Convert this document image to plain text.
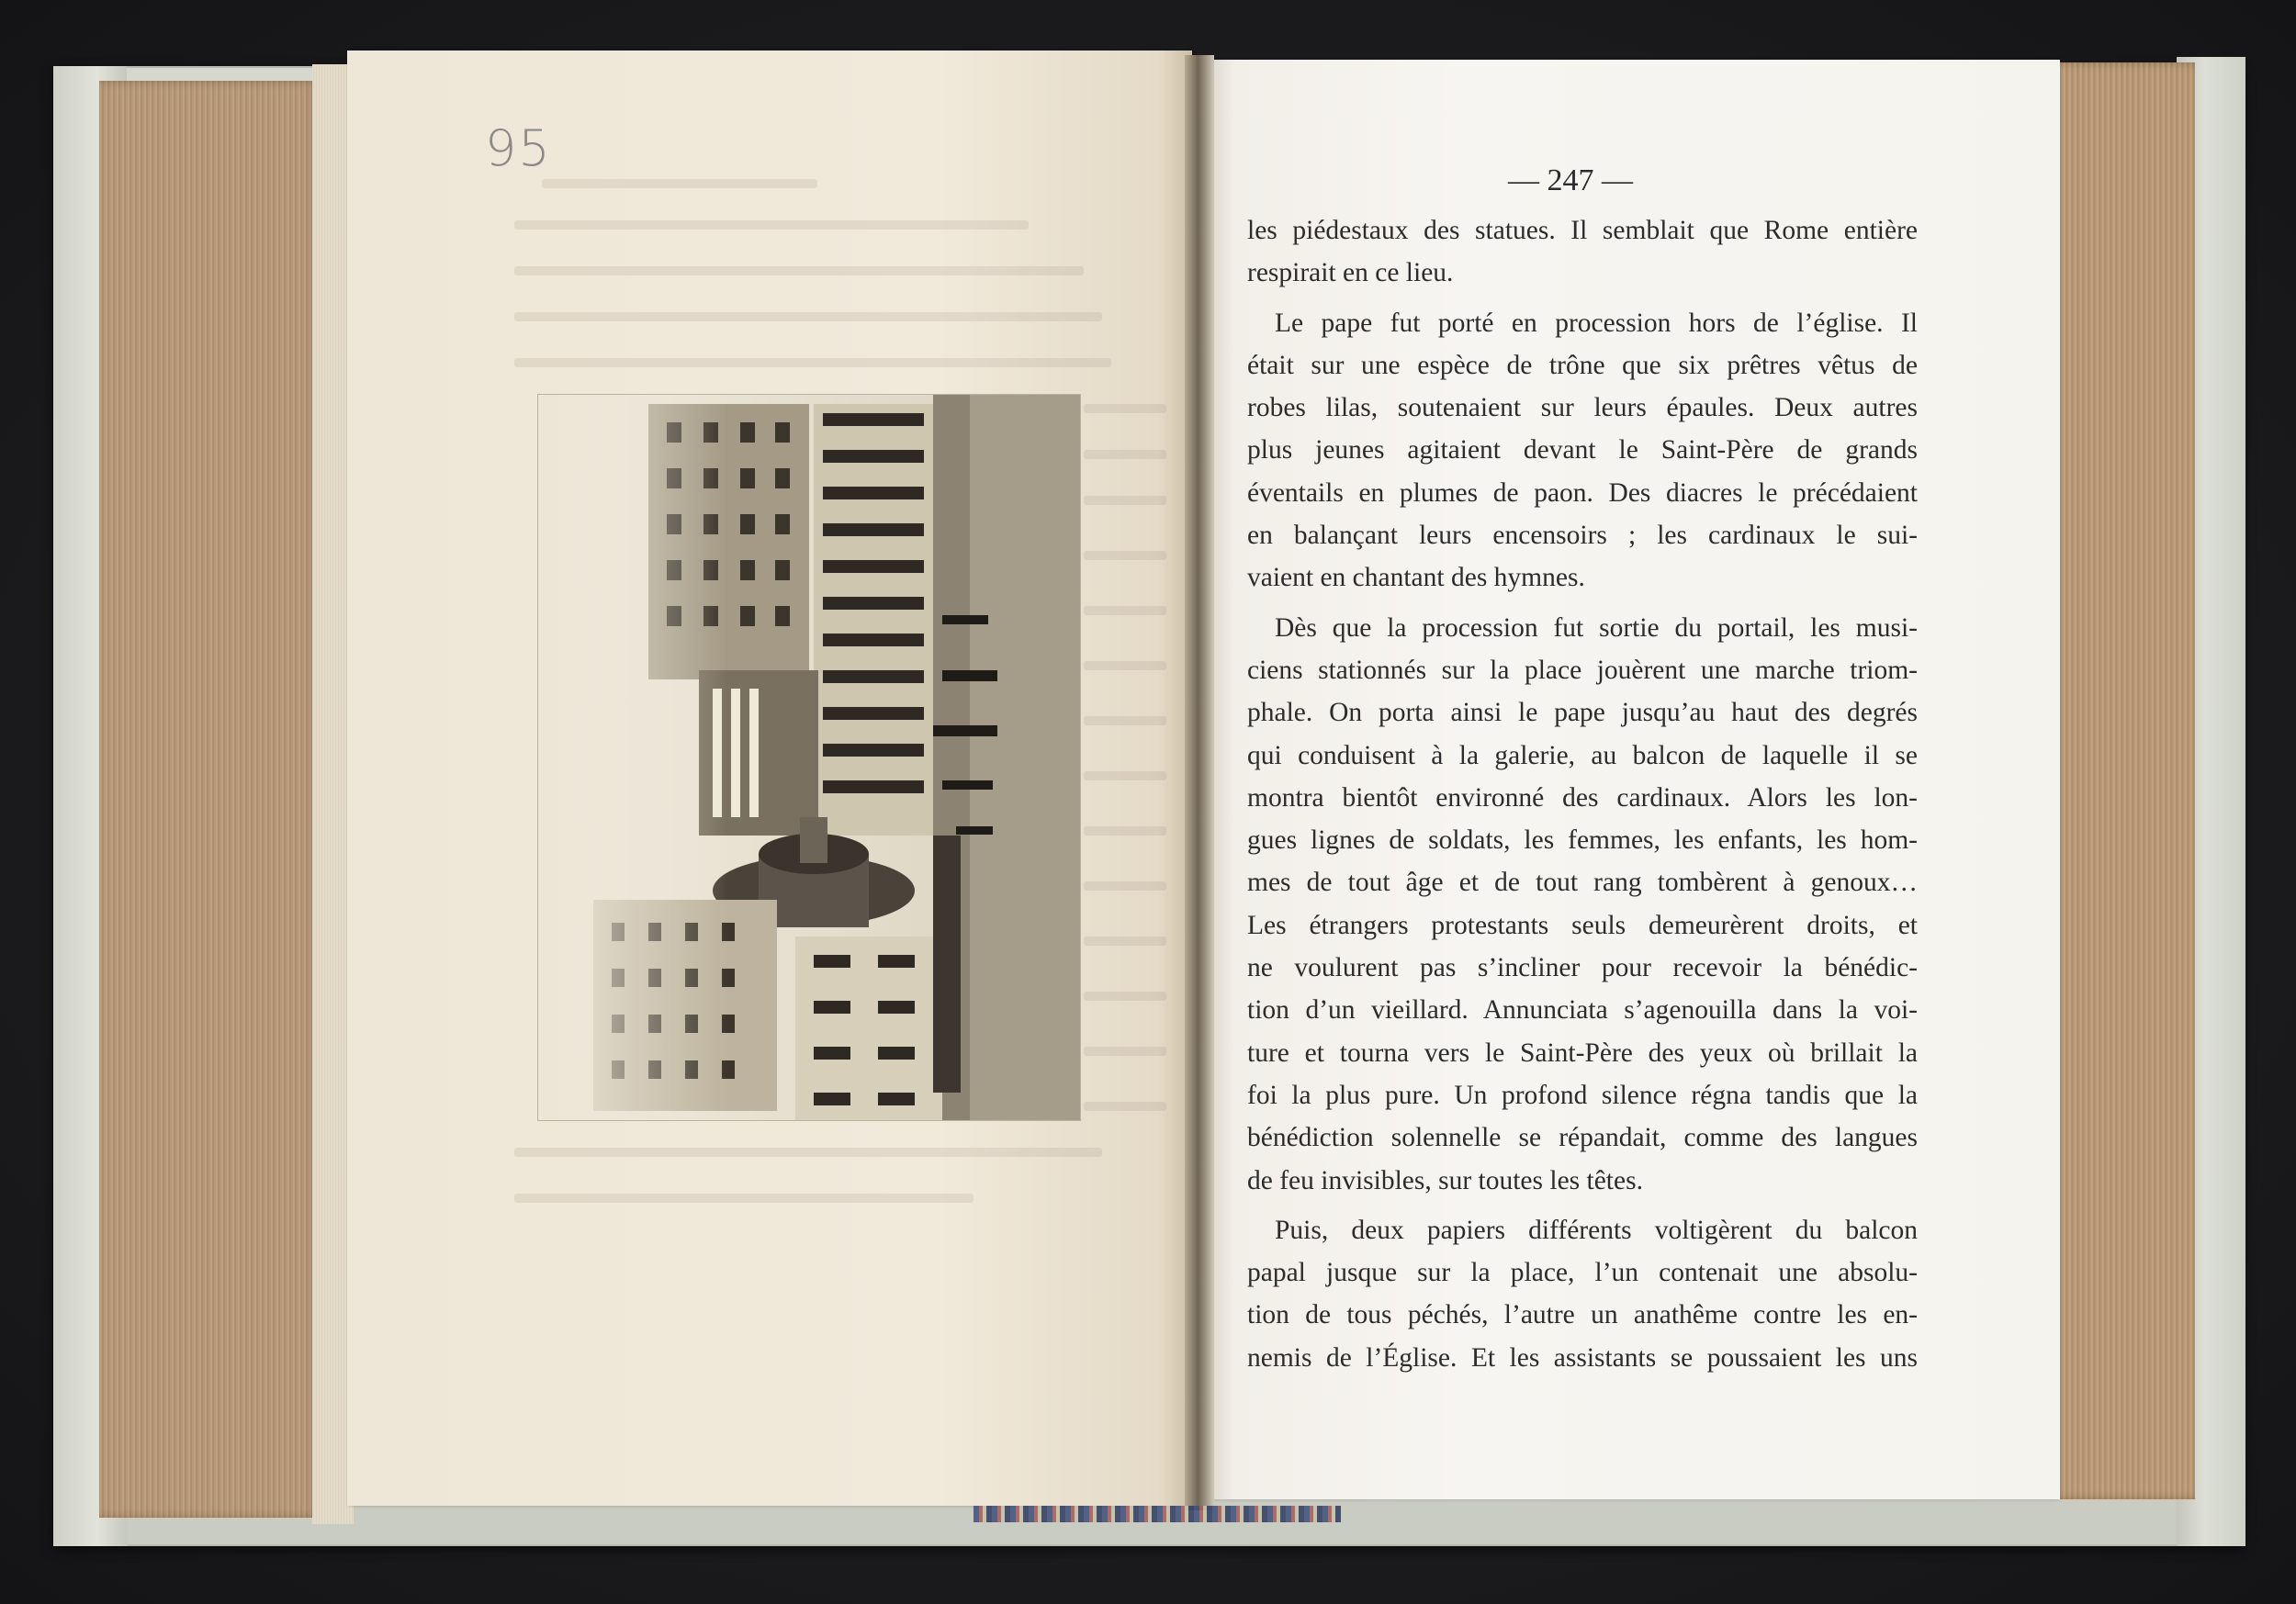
95
— 247 —
les piédestaux des statues. Il semblait que Rome entière
respirait en ce lieu.
Le pape fut porté en procession hors de l’église. Il
était sur une espèce de trône que six prêtres vêtus de
robes lilas, soutenaient sur leurs épaules. Deux autres
plus jeunes agitaient devant le Saint-Père de grands
éventails en plumes de paon. Des diacres le précédaient
en balançant leurs encensoirs ; les cardinaux le sui-
vaient en chantant des hymnes.
Dès que la procession fut sortie du portail, les musi-
ciens stationnés sur la place jouèrent une marche triom-
phale. On porta ainsi le pape jusqu’au haut des degrés
qui conduisent à la galerie, au balcon de laquelle il se
montra bientôt environné des cardinaux. Alors les lon-
gues lignes de soldats, les femmes, les enfants, les hom-
mes de tout âge et de tout rang tombèrent à genoux…
Les étrangers protestants seuls demeurèrent droits, et
ne voulurent pas s’incliner pour recevoir la bénédic-
tion d’un vieillard. Annunciata s’agenouilla dans la voi-
ture et tourna vers le Saint-Père des yeux où brillait la
foi la plus pure. Un profond silence régna tandis que la
bénédiction solennelle se répandait, comme des langues
de feu invisibles, sur toutes les têtes.
Puis, deux papiers différents voltigèrent du balcon
papal jusque sur la place, l’un contenait une absolu-
tion de tous péchés, l’autre un anathême contre les en-
nemis de l’Église. Et les assistants se poussaient les uns
